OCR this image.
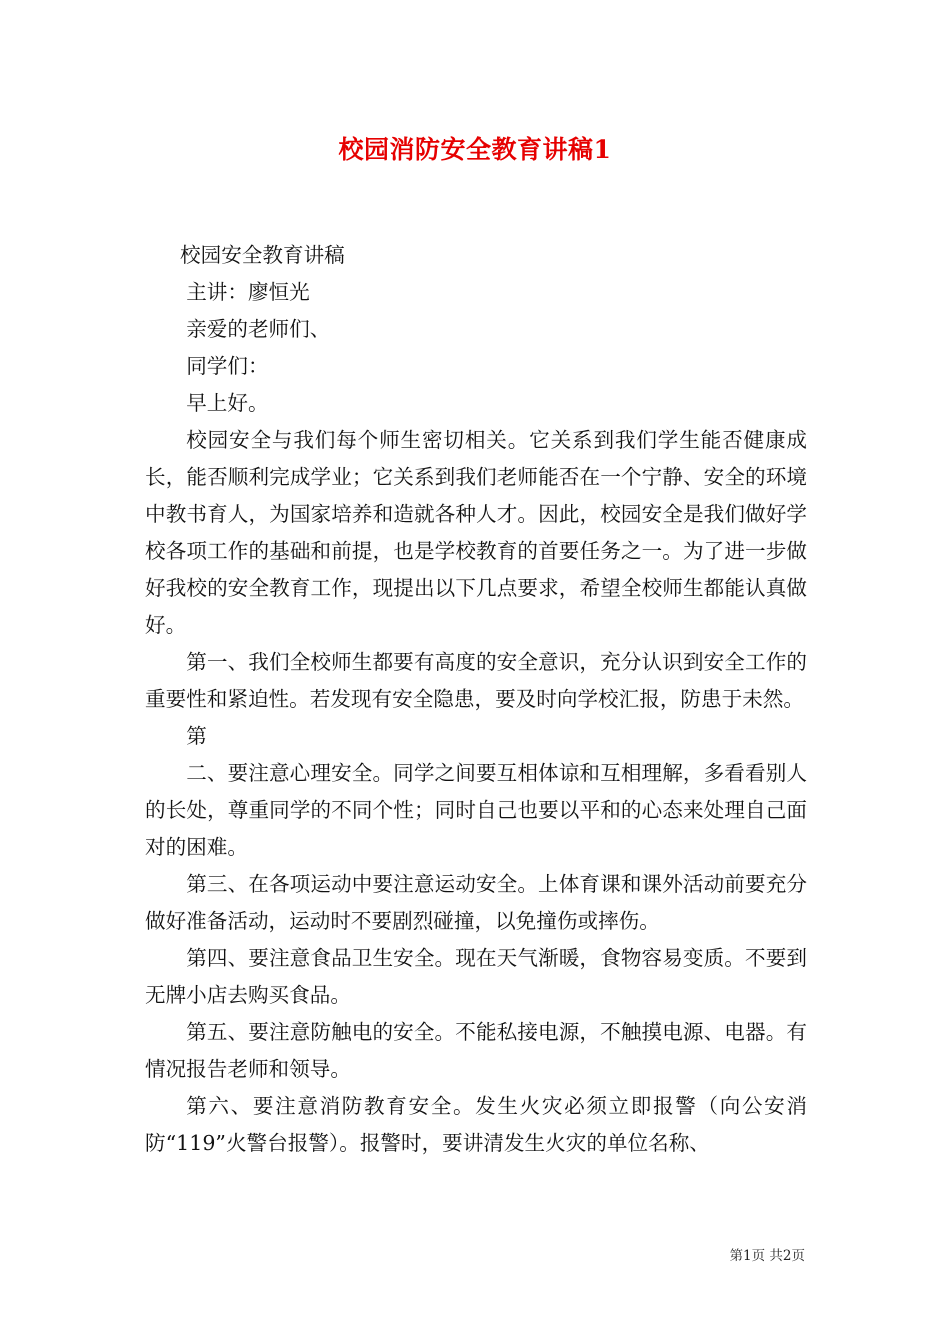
校园消防安全教育讲稿1

校园安全教育讲稿

主讲：廖恒光

亲爱的老师们、

同学们：

早上好。

校园安全与我们每个师生密切相关。它关系到我们学生能否健康成长，能否顺利完成学业；它关系到我们老师能否在一个宁静、安全的环境中教书育人，为国家培养和造就各种人才。因此，校园安全是我们做好学校各项工作的基础和前提，也是学校教育的首要任务之一。为了进一步做好我校的安全教育工作，现提出以下几点要求，希望全校师生都能认真做好。

第一、我们全校师生都要有高度的安全意识，充分认识到安全工作的重要性和紧迫性。若发现有安全隐患，要及时向学校汇报，防患于未然。

第

二、要注意心理安全。同学之间要互相体谅和互相理解，多看看别人的长处，尊重同学的不同个性；同时自己也要以平和的心态来处理自己面对的困难。

第三、在各项运动中要注意运动安全。上体育课和课外活动前要充分做好准备活动，运动时不要剧烈碰撞，以免撞伤或摔伤。

第四、要注意食品卫生安全。现在天气渐暖，食物容易变质。不要到无牌小店去购买食品。

第五、要注意防触电的安全。不能私接电源，不触摸电源、电器。有情况报告老师和领导。

第六、要注意消防教育安全。发生火灾必须立即报警（向公安消防“119”火警台报警）。报警时，要讲清发生火灾的单位名称、

第1页 共2页
